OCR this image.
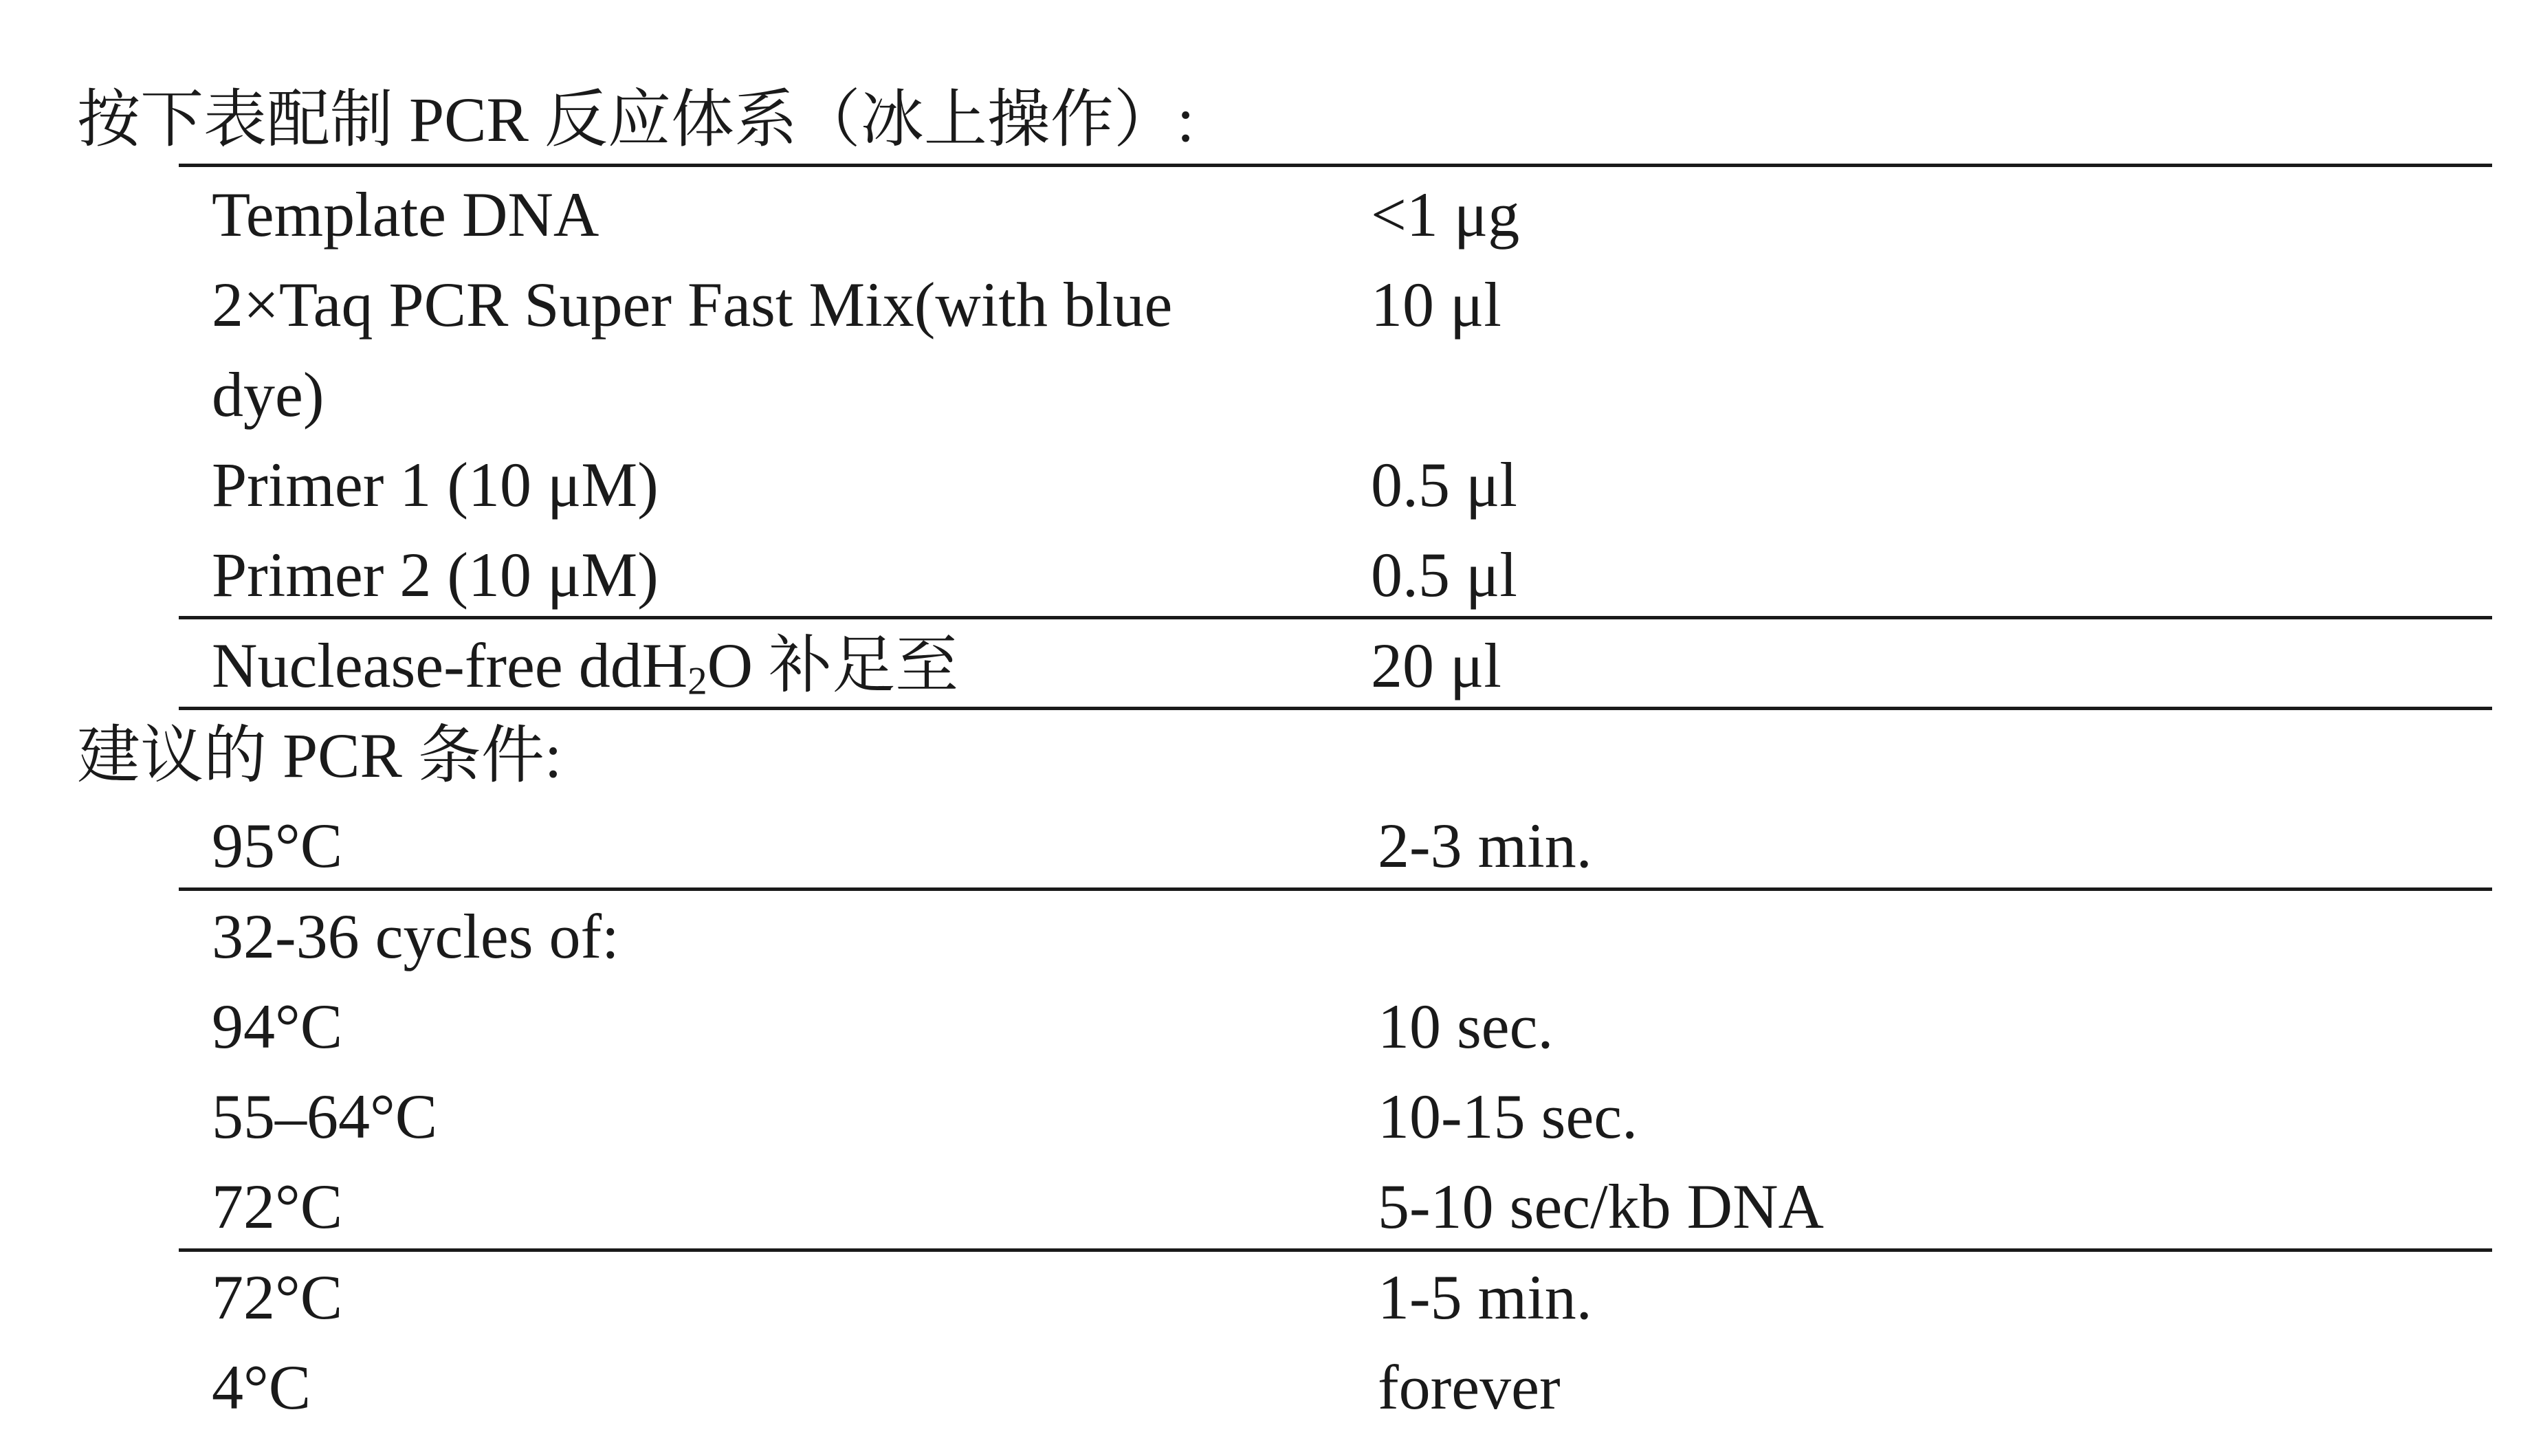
按下表配制 PCR 反应体系（冰上操作）:
Template DNA	<1 μg
2×Taq PCR Super Fast Mix(with blue	10 μl
dye)
Primer 1 (10 μM)	0.5 μl
Primer 2 (10 μM)	0.5 μl
Nuclease-free ddH$_2$O 补足至	20 μl
建议的 PCR 条件:
95°C	2-3 min.
32-36 cycles of:
94°C	10 sec.
55–64°C	10-15 sec.
72°C	5-10 sec/kb DNA
72°C	1-5 min.
4°C	forever
